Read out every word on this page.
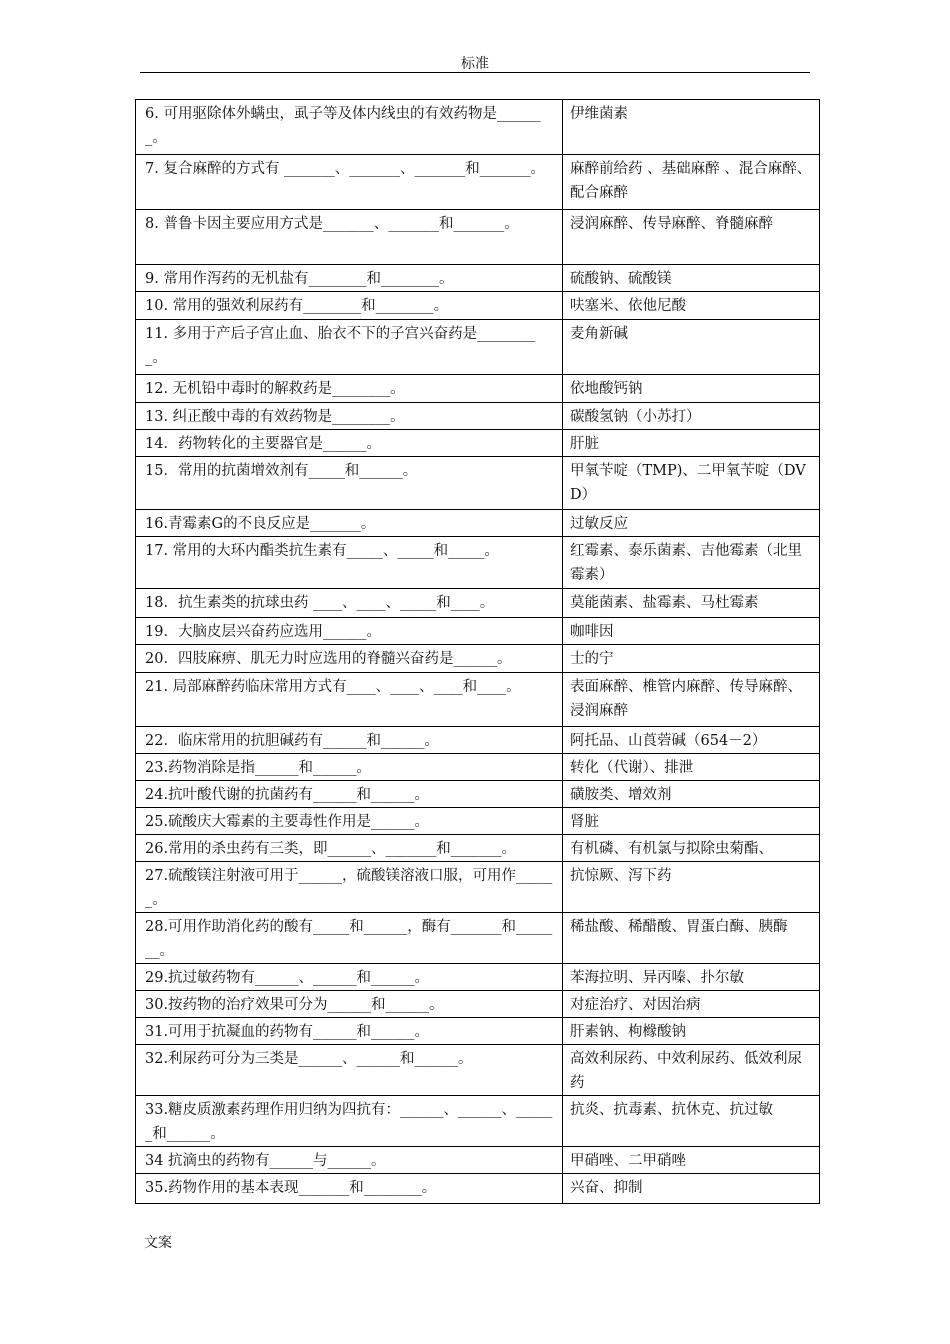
标准
6. 可用驱除体外螨虫，虱子等及体内线虫的有效药物是_______。	伊维菌素
7. 复合麻醉的方式有 _______、_______、_______和_______。	麻醉前给药 、基础麻醉 、混合麻醉、配合麻醉
8. 普鲁卡因主要应用方式是_______、_______和_______。	浸润麻醉、传导麻醉、脊髓麻醉
9. 常用作泻药的无机盐有________和________。	硫酸钠、硫酸镁
10. 常用的强效利尿药有________和________。	呋塞米、依他尼酸
11. 多用于产后子宫止血、胎衣不下的子宫兴奋药是_________。	麦角新碱
12. 无机铅中毒时的解救药是________。	依地酸钙钠
13. 纠正酸中毒的有效药物是________。	碳酸氢钠（小苏打）
14．药物转化的主要器官是______。	肝脏
15．常用的抗菌增效剂有_____和______。	甲氧苄啶（TMP)、二甲氧苄啶（DVD）
16.青霉素G的不良反应是_______。	过敏反应
17. 常用的大环内酯类抗生素有_____、_____和_____。	红霉素、泰乐菌素、吉他霉素（北里霉素）
18．抗生素类的抗球虫药 ____、____、_____和____。	莫能菌素、盐霉素、马杜霉素
19．大脑皮层兴奋药应选用______。	咖啡因
20．四肢麻痹、肌无力时应选用的脊髓兴奋药是______。	士的宁
21. 局部麻醉药临床常用方式有____、____、____和____。	表面麻醉、椎管内麻醉、传导麻醉、浸润麻醉
22．临床常用的抗胆碱药有______和______。	阿托品、山莨菪碱（654－2）
23.药物消除是指______和______。	转化（代谢）、排泄
24.抗叶酸代谢的抗菌药有______和______。	磺胺类、增效剂
25.硫酸庆大霉素的主要毒性作用是______。	肾脏
26.常用的杀虫药有三类，即______、_______和_______。	有机磷、有机氯与拟除虫菊酯、
27.硫酸镁注射液可用于______，硫酸镁溶液口服，可用作______。	抗惊厥、泻下药
28.可用作助消化药的酸有_____和______，酶有_______和_______。	稀盐酸、稀醋酸、胃蛋白酶、胰酶
29.抗过敏药物有______、______和______。	苯海拉明、异丙嗪、扑尔敏
30.按药物的治疗效果可分为______和______。	对症治疗、对因治病
31.可用于抗凝血的药物有______和______。	肝素钠、枸橼酸钠
32.利尿药可分为三类是______、______和______。	高效利尿药、中效利尿药、低效利尿药
33.糖皮质激素药理作用归纳为四抗有：______、______、______和______。	抗炎、抗毒素、抗休克、抗过敏
34 抗滴虫的药物有______与______。	甲硝唑、二甲硝唑
35.药物作用的基本表现_______和________。	兴奋、抑制
文案
